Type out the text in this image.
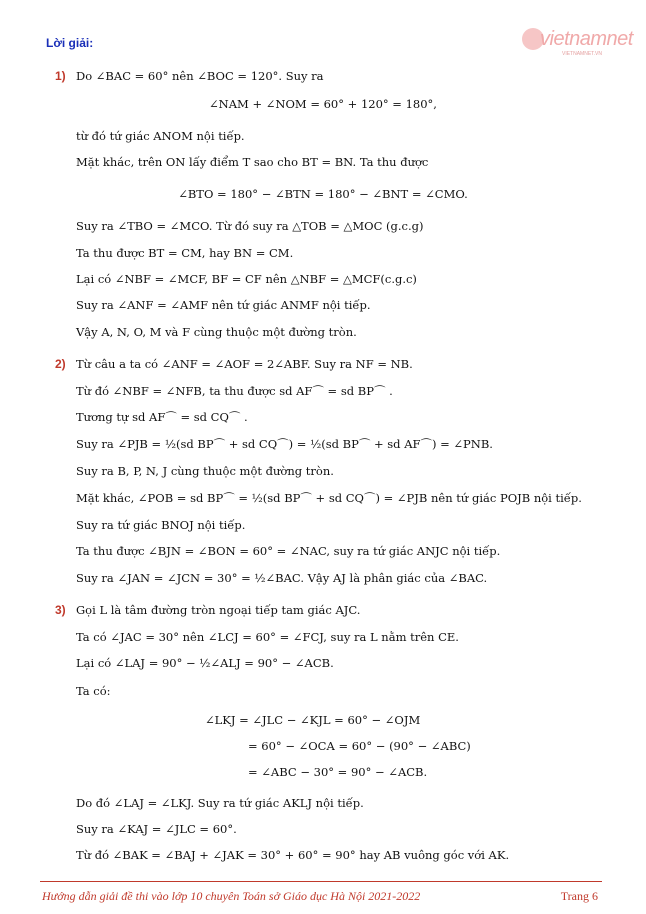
Lời giải:	vietnamnet
VIETNAMNET.VN
1) Do ∠BAC = 60° nên ∠BOC = 120°. Suy ra
∠NAM + ∠NOM = 60° + 120° = 180°,
từ đó tứ giác ANOM nội tiếp.
Mặt khác, trên ON lấy điểm T sao cho BT = BN. Ta thu được
∠BTO = 180° − ∠BTN = 180° − ∠BNT = ∠CMO.
Suy ra ∠TBO = ∠MCO. Từ đó suy ra △TOB = △MOC (g.c.g)
Ta thu được BT = CM, hay BN = CM.
Lại có ∠NBF = ∠MCF, BF = CF nên △NBF = △MCF(c.g.c)
Suy ra ∠ANF = ∠AMF nên tứ giác ANMF nội tiếp.
Vậy A, N, O, M và F cùng thuộc một đường tròn.
2) Từ câu a ta có ∠ANF = ∠AOF = 2∠ABF. Suy ra NF = NB.
Từ đó ∠NBF = ∠NFB, ta thu được sd AF⌒ = sd BP⌒ .
Tương tự sd AF⌒ = sd CQ⌒ .
Suy ra ∠PJB = ½(sd BP⌒ + sd CQ⌒) = ½(sd BP⌒ + sd AF⌒) = ∠PNB.
Suy ra B, P, N, J cùng thuộc một đường tròn.
Mặt khác, ∠POB = sd BP⌒ = ½(sd BP⌒ + sd CQ⌒) = ∠PJB nên tứ giác POJB nội tiếp.
Suy ra tứ giác BNOJ nội tiếp.
Ta thu được ∠BJN = ∠BON = 60° = ∠NAC, suy ra tứ giác ANJC nội tiếp.
Suy ra ∠JAN = ∠JCN = 30° = ½∠BAC. Vậy AJ là phân giác của ∠BAC.
3) Gọi L là tâm đường tròn ngoại tiếp tam giác AJC.
Ta có ∠JAC = 30° nên ∠LCJ = 60° = ∠FCJ, suy ra L nằm trên CE.
Lại có ∠LAJ = 90° − ½∠ALJ = 90° − ∠ACB.
Ta có:
∠LKJ = ∠JLC − ∠KJL = 60° − ∠OJM
= 60° − ∠OCA = 60° − (90° − ∠ABC)
= ∠ABC − 30° = 90° − ∠ACB.
Do đó ∠LAJ = ∠LKJ. Suy ra tứ giác AKLJ nội tiếp.
Suy ra ∠KAJ = ∠JLC = 60°.
Từ đó ∠BAK = ∠BAJ + ∠JAK = 30° + 60° = 90° hay AB vuông góc với AK.
Hướng dẫn giải đề thi vào lớp 10 chuyên Toán sở Giáo dục Hà Nội 2021-2022	Trang 6
